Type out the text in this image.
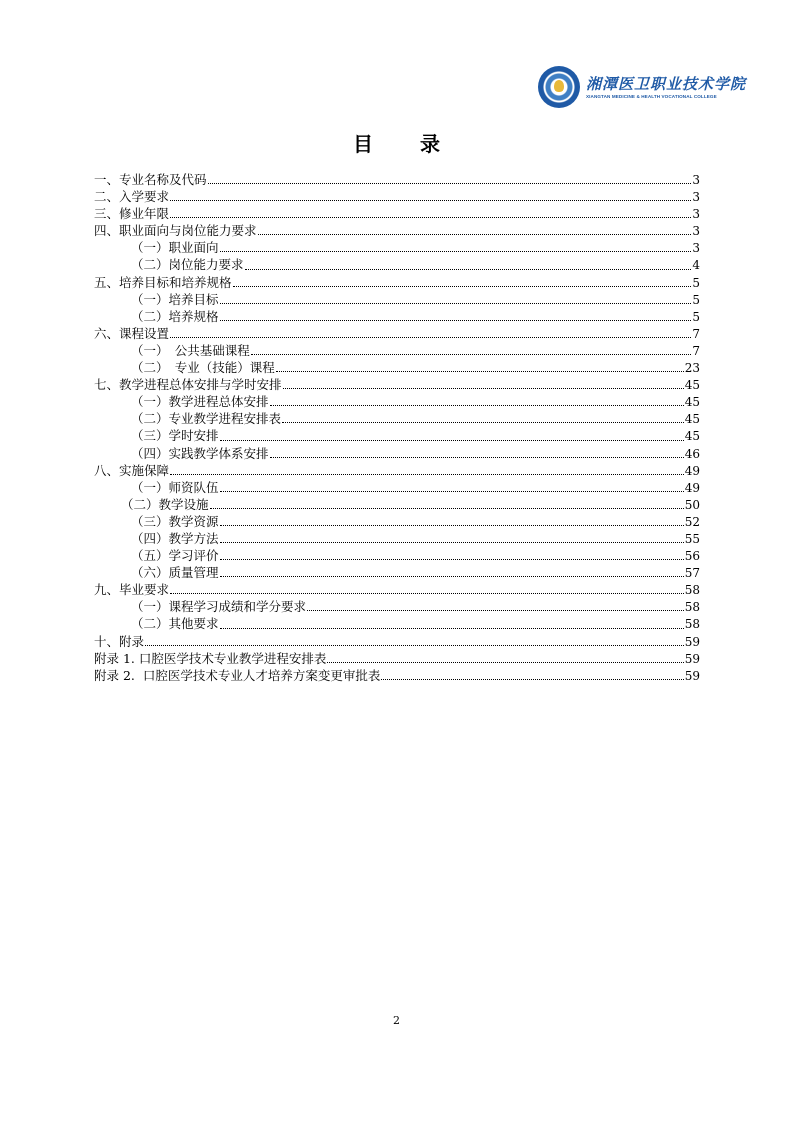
湘潭医卫职业技术学院
XIANGTAN MEDICINE & HEALTH VOCATIONAL COLLEGE
目 录
一、专业名称及代码	3
二、入学要求	3
三、修业年限	3
四、职业面向与岗位能力要求	3
（一）职业面向	3
（二）岗位能力要求	4
五、培养目标和培养规格	5
（一）培养目标	5
（二）培养规格	5
六、课程设置	7
（一）　公共基础课程	7
（二）　专业（技能）课程	23
七、教学进程总体安排与学时安排	45
（一）教学进程总体安排	45
（二）专业教学进程安排表	45
（三）学时安排	45
（四）实践教学体系安排	46
八、实施保障	49
（一）师资队伍	49
（二）教学设施	50
（三）教学资源	52
（四）教学方法	55
（五）学习评价	56
（六）质量管理	57
九、毕业要求	58
（一）课程学习成绩和学分要求	58
（二）其他要求	58
十、附录	59
附录 1. 口腔医学技术专业教学进程安排表	59
附录 2.  口腔医学技术专业人才培养方案变更审批表	59
2
